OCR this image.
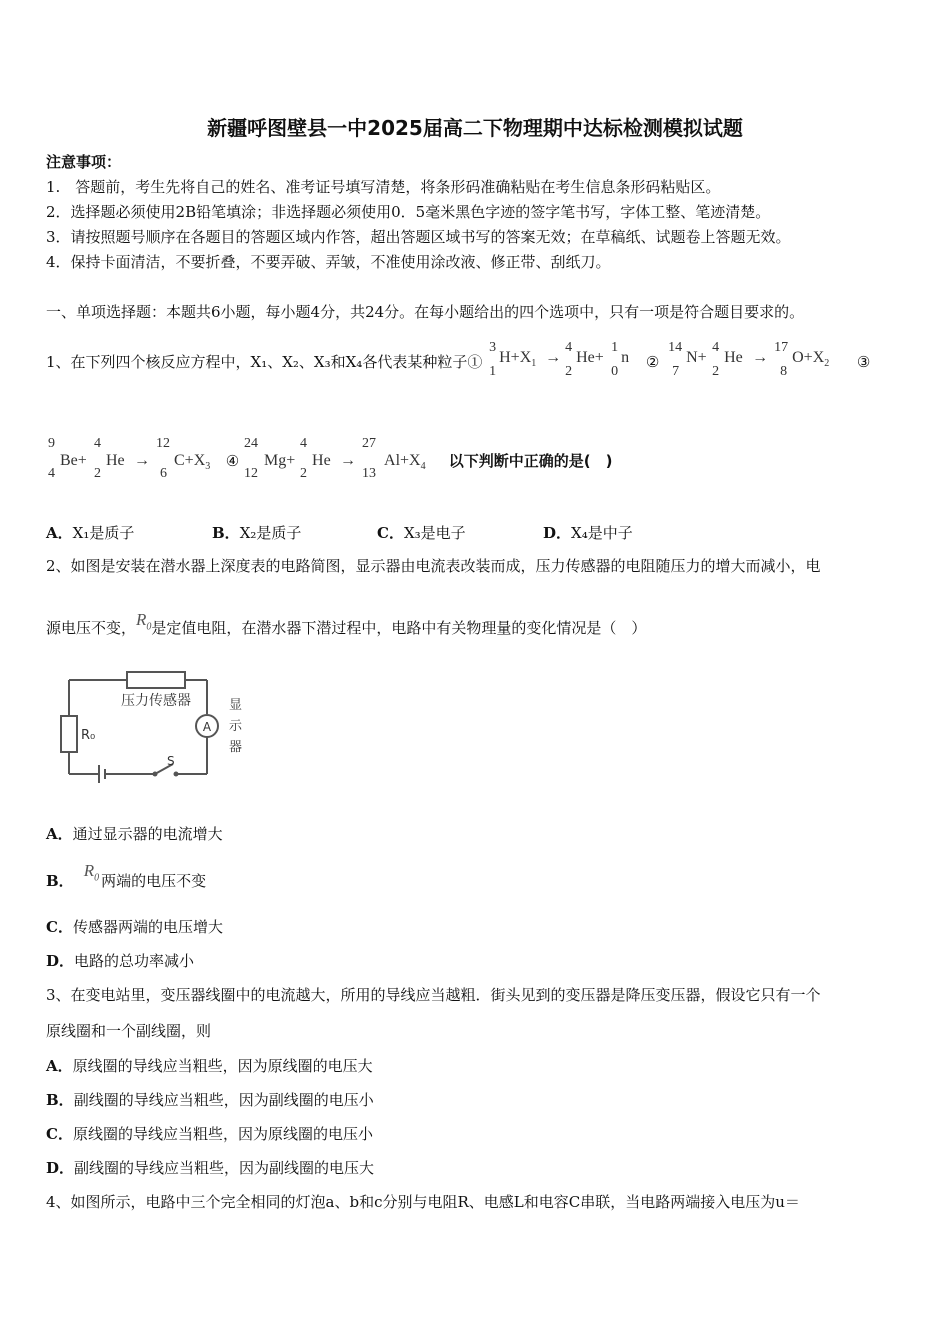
新疆呼图壁县一中2025届高二下物理期中达标检测模拟试题
注意事项：
1.　答题前，考生先将自己的姓名、准考证号填写清楚，将条形码准确粘贴在考生信息条形码粘贴区。
2．选择题必须使用2B铅笔填涂；非选择题必须使用0．5毫米黑色字迹的签字笔书写，字体工整、笔迹清楚。
3．请按照题号顺序在各题目的答题区域内作答，超出答题区域书写的答案无效；在草稿纸、试题卷上答题无效。
4．保持卡面清洁，不要折叠，不要弄破、弄皱，不准使用涂改液、修正带、刮纸刀。
一、单项选择题：本题共6小题，每小题4分，共24分。在每小题给出的四个选项中，只有一项是符合题目要求的。
1、在下列四个核反应方程中，X₁、X₂、X₃和X₄各代表某种粒子①
3
1
$H+X_1$ →
4
2
He+
1
0
n ②
14
7
N+
4
2
He →
17
8
$O+X_2$ ③
9
4
Be+
4
2
He →
12
6
$C+X_3$ ④
24
12
Mg+
4
2
He →
27
13
$Al+X_4$ 以下判断中正确的是(　)
A．X₁是质子	B．X₂是质子	C．X₃是电子	D．X₄是中子
2、如图是安装在潜水器上深度表的电路简图，显示器由电流表改装而成，压力传感器的电阻随压力的增大而减小，电
源电压不变，$R_0$是定值电阻，在潜水器下潜过程中，电路中有关物理量的变化情况是（　）
压力传感器
R₀
A
显
示
器
S
A．通过显示器的电流增大
B．$R_0$ 两端的电压不变
C．传感器两端的电压增大
D．电路的总功率减小
3、在变电站里，变压器线圈中的电流越大，所用的导线应当越粗．街头见到的变压器是降压变压器，假设它只有一个
原线圈和一个副线圈，则
A．原线圈的导线应当粗些，因为原线圈的电压大
B．副线圈的导线应当粗些，因为副线圈的电压小
C．原线圈的导线应当粗些，因为原线圈的电压小
D．副线圈的导线应当粗些，因为副线圈的电压大
4、如图所示，电路中三个完全相同的灯泡a、b和c分别与电阻R、电感L和电容C串联，当电路两端接入电压为u＝
